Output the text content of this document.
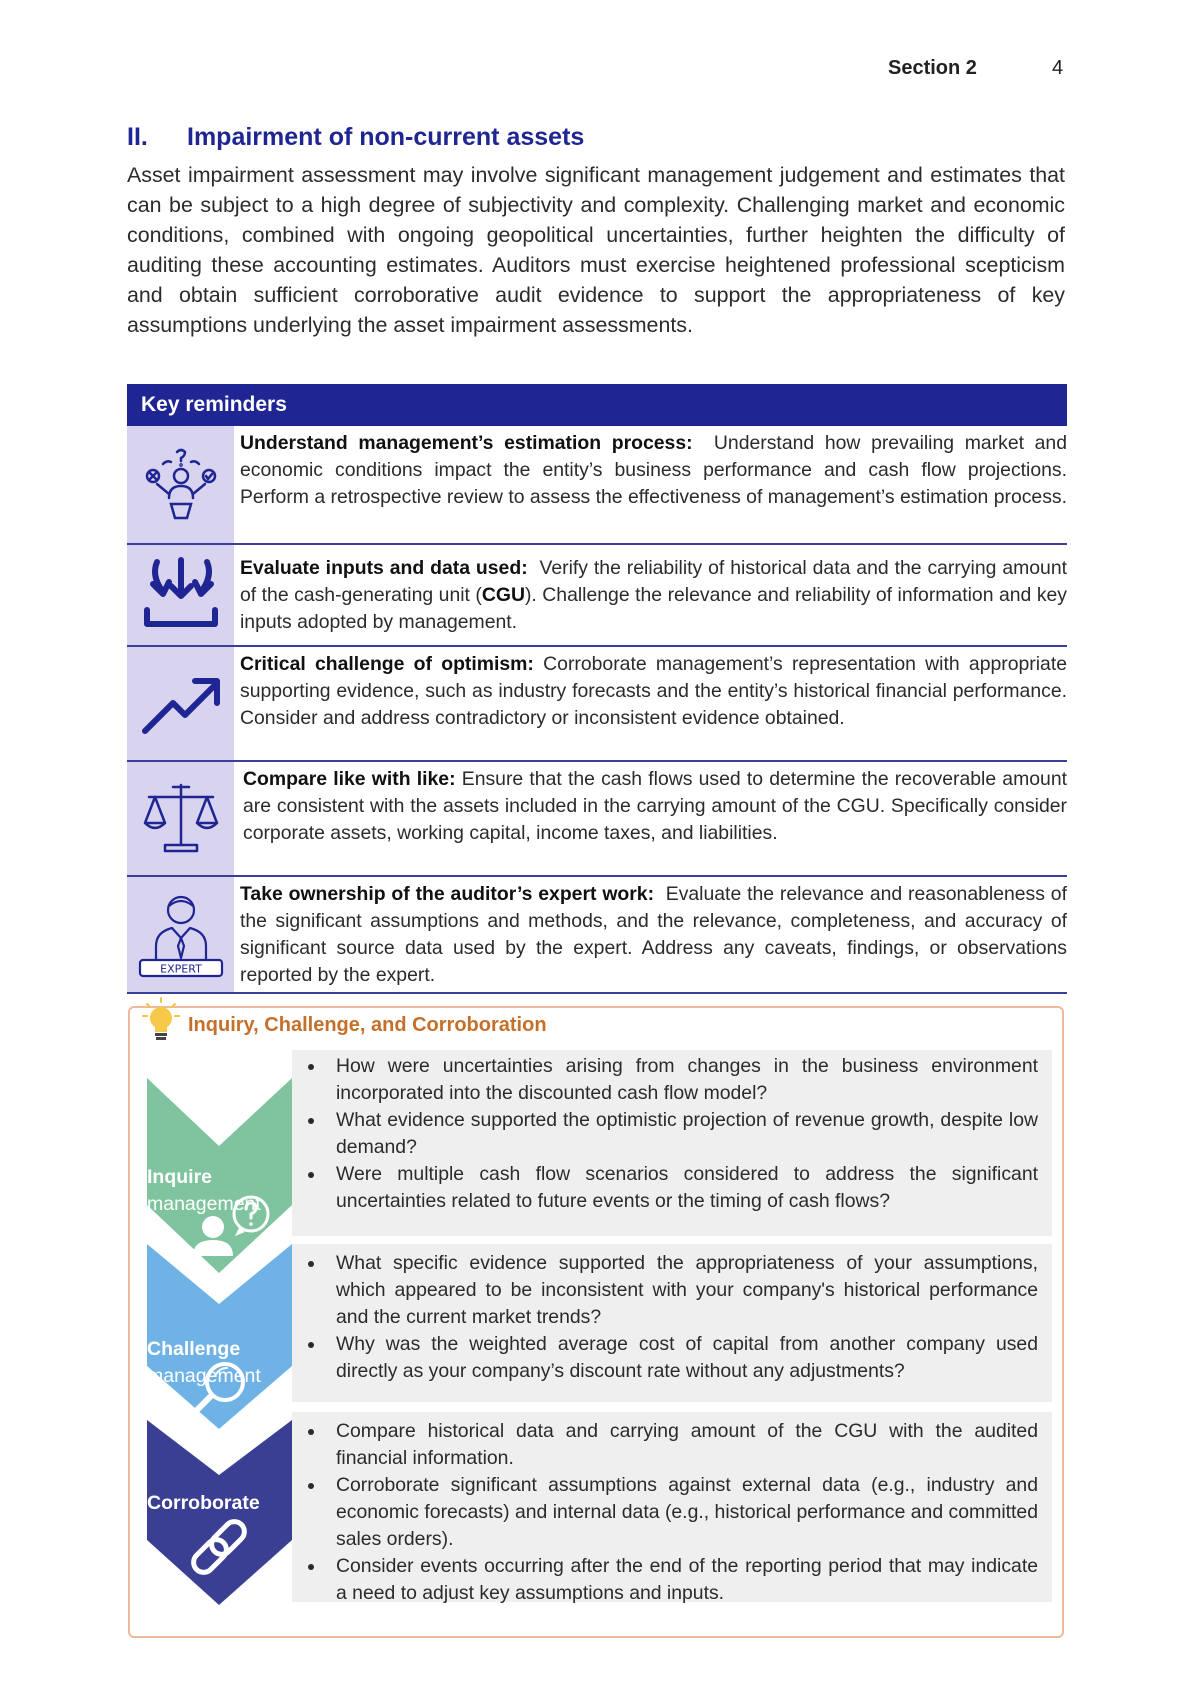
Section 2	4
II. Impairment of non-current assets
Asset impairment assessment may involve significant management judgement and estimates that can be subject to a high degree of subjectivity and complexity. Challenging market and economic conditions, combined with ongoing geopolitical uncertainties, further heighten the difficulty of auditing these accounting estimates. Auditors must exercise heightened professional scepticism and obtain sufficient corroborative audit evidence to support the appropriateness of key assumptions underlying the asset impairment assessments.
Key reminders
Understand management’s estimation process: Understand how prevailing market and economic conditions impact the entity’s business performance and cash flow projections. Perform a retrospective review to assess the effectiveness of management’s estimation process.
Evaluate inputs and data used: Verify the reliability of historical data and the carrying amount of the cash-generating unit (CGU). Challenge the relevance and reliability of information and key inputs adopted by management.
Critical challenge of optimism: Corroborate management’s representation with appropriate supporting evidence, such as industry forecasts and the entity’s historical financial performance. Consider and address contradictory or inconsistent evidence obtained.
Compare like with like: Ensure that the cash flows used to determine the recoverable amount are consistent with the assets included in the carrying amount of the CGU. Specifically consider corporate assets, working capital, income taxes, and liabilities.
EXPERT
Take ownership of the auditor’s expert work: Evaluate the relevance and reasonableness of the significant assumptions and methods, and the relevance, completeness, and accuracy of significant source data used by the expert. Address any caveats, findings, or observations reported by the expert.
Inquiry, Challenge, and Corroboration
Inquire
management
Challenge
management
Corroborate
• How were uncertainties arising from changes in the business environment incorporated into the discounted cash flow model?
• What evidence supported the optimistic projection of revenue growth, despite low demand?
• Were multiple cash flow scenarios considered to address the significant uncertainties related to future events or the timing of cash flows?
• What specific evidence supported the appropriateness of your assumptions, which appeared to be inconsistent with your company's historical performance and the current market trends?
• Why was the weighted average cost of capital from another company used directly as your company’s discount rate without any adjustments?
• Compare historical data and carrying amount of the CGU with the audited financial information.
• Corroborate significant assumptions against external data (e.g., industry and economic forecasts) and internal data (e.g., historical performance and committed sales orders).
• Consider events occurring after the end of the reporting period that may indicate a need to adjust key assumptions and inputs.
